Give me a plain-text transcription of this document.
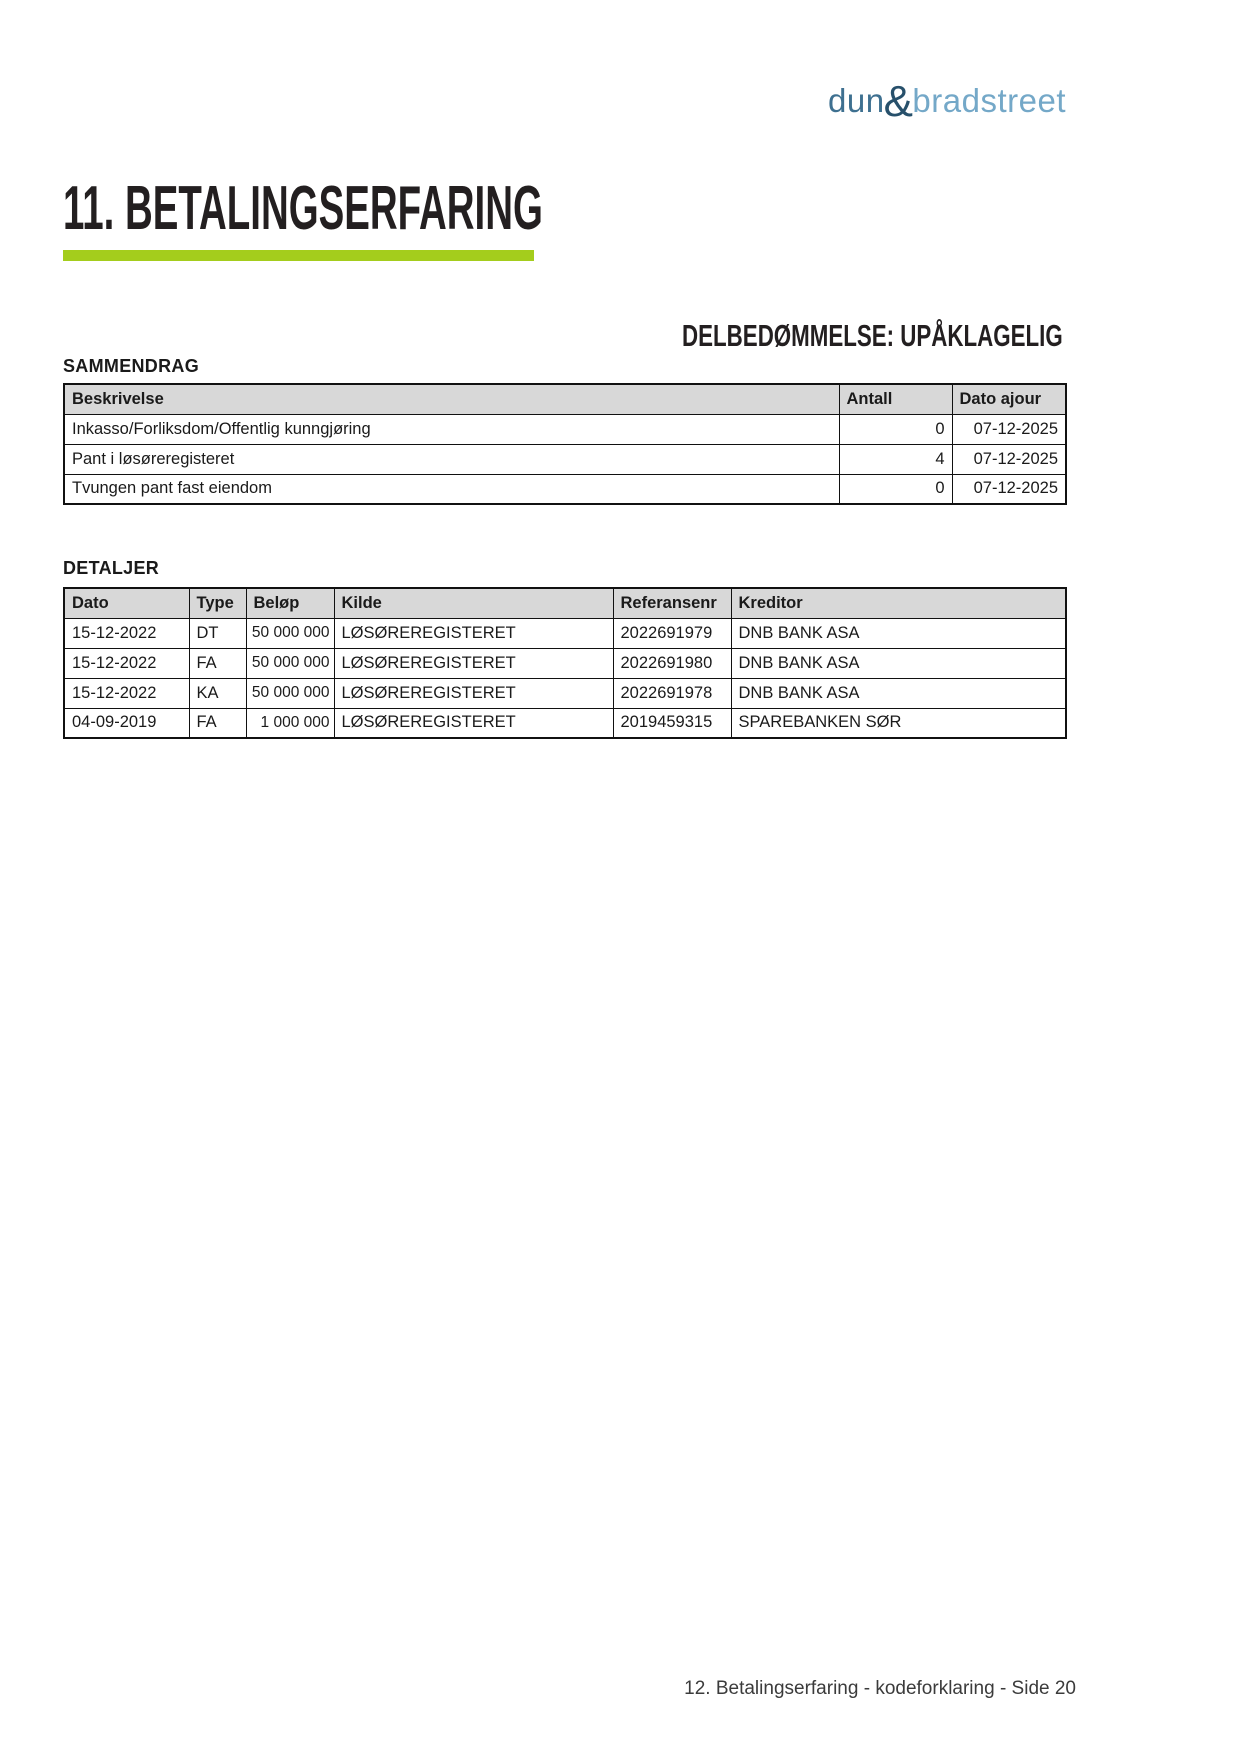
dun&bradstreet
11. BETALINGSERFARING
DELBEDØMMELSE: UPÅKLAGELIG
SAMMENDRAG
Beskrivelse	Antall	Dato ajour
Inkasso/Forliksdom/Offentlig kunngjøring	0	07-12-2025
Pant i løsøreregisteret	4	07-12-2025
Tvungen pant fast eiendom	0	07-12-2025
DETALJER
Dato	Type	Beløp	Kilde	Referansenr	Kreditor
15-12-2022	DT	50 000 000	LØSØREREGISTERET	2022691979	DNB BANK ASA
15-12-2022	FA	50 000 000	LØSØREREGISTERET	2022691980	DNB BANK ASA
15-12-2022	KA	50 000 000	LØSØREREGISTERET	2022691978	DNB BANK ASA
04-09-2019	FA	1 000 000	LØSØREREGISTERET	2019459315	SPAREBANKEN SØR
12. Betalingserfaring - kodeforklaring - Side 20
